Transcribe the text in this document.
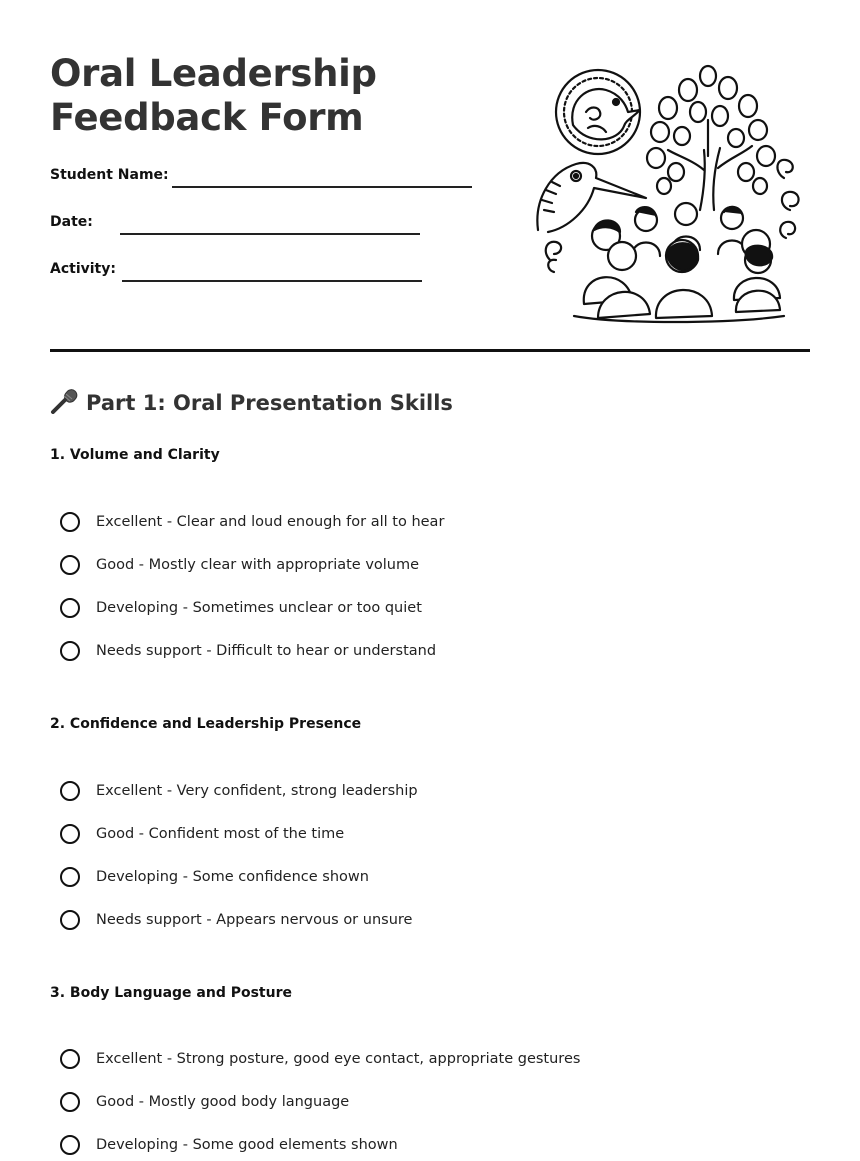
Oral Leadership
Feedback Form
Student Name:
Date:
Activity:
Part 1: Oral Presentation Skills

1. Volume and Clarity

Excellent - Clear and loud enough for all to hear
Good - Mostly clear with appropriate volume
Developing - Sometimes unclear or too quiet
Needs support - Difficult to hear or understand

2. Confidence and Leadership Presence

Excellent - Very confident, strong leadership
Good - Confident most of the time
Developing - Some confidence shown
Needs support - Appears nervous or unsure

3. Body Language and Posture

Excellent - Strong posture, good eye contact, appropriate gestures
Good - Mostly good body language
Developing - Some good elements shown
